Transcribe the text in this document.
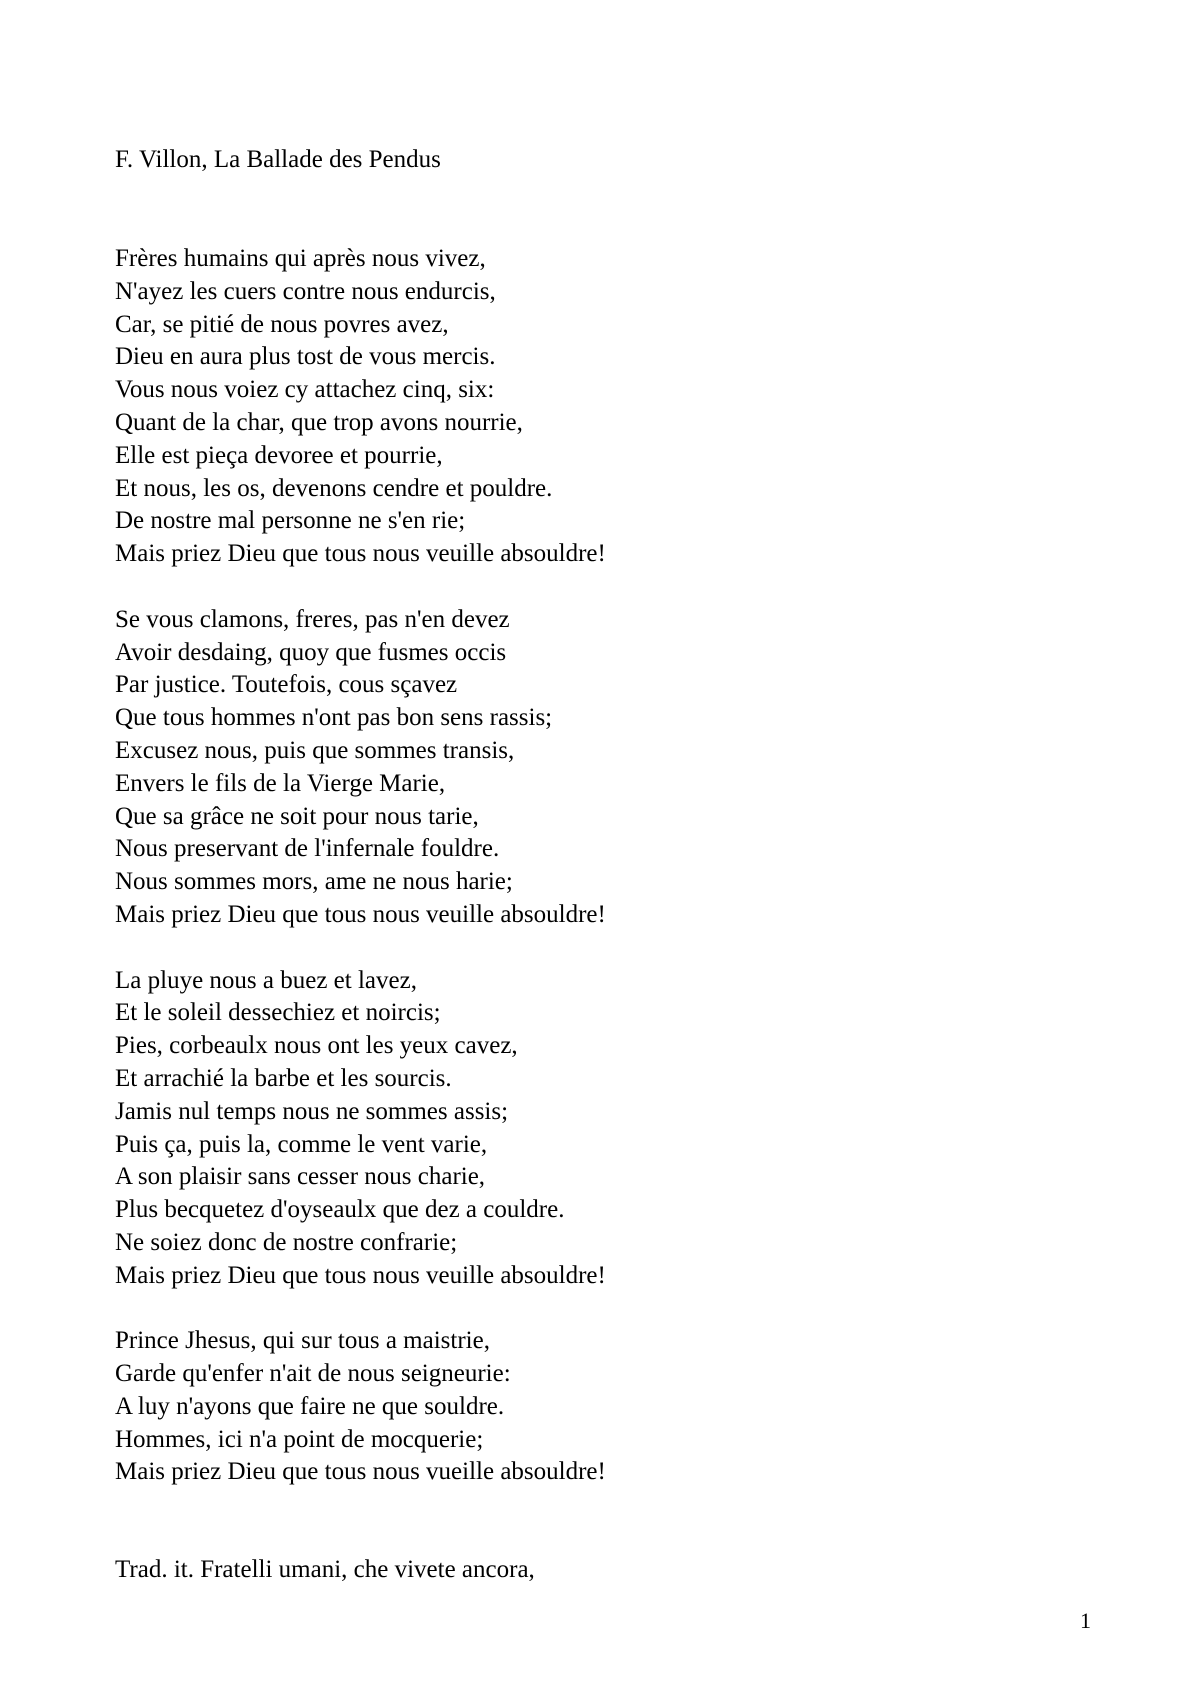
F. Villon, La Ballade des Pendus
Frères humains qui après nous vivez,
N'ayez les cuers contre nous endurcis,
Car, se pitié de nous povres avez,
Dieu en aura plus tost de vous mercis.
Vous nous voiez cy attachez cinq, six:
Quant de la char, que trop avons nourrie,
Elle est pieça devoree et pourrie,
Et nous, les os, devenons cendre et pouldre.
De nostre mal personne ne s'en rie;
Mais priez Dieu que tous nous veuille absouldre!
Se vous clamons, freres, pas n'en devez
Avoir desdaing, quoy que fusmes occis
Par justice. Toutefois, cous sçavez
Que tous hommes n'ont pas bon sens rassis;
Excusez nous, puis que sommes transis,
Envers le fils de la Vierge Marie,
Que sa grâce ne soit pour nous tarie,
Nous preservant de l'infernale fouldre.
Nous sommes mors, ame ne nous harie;
Mais priez Dieu que tous nous veuille absouldre!
La pluye nous a buez et lavez,
Et le soleil dessechiez et noircis;
Pies, corbeaulx nous ont les yeux cavez,
Et arrachié la barbe et les sourcis.
Jamis nul temps nous ne sommes assis;
Puis ça, puis la, comme le vent varie,
A son plaisir sans cesser nous charie,
Plus becquetez d'oyseaulx que dez a couldre.
Ne soiez donc de nostre confrarie;
Mais priez Dieu que tous nous veuille absouldre!
Prince Jhesus, qui sur tous a maistrie,
Garde qu'enfer n'ait de nous seigneurie:
A luy n'ayons que faire ne que souldre.
Hommes, ici n'a point de mocquerie;
Mais priez Dieu que tous nous vueille absouldre!
Trad. it. Fratelli umani, che vivete ancora,
1
